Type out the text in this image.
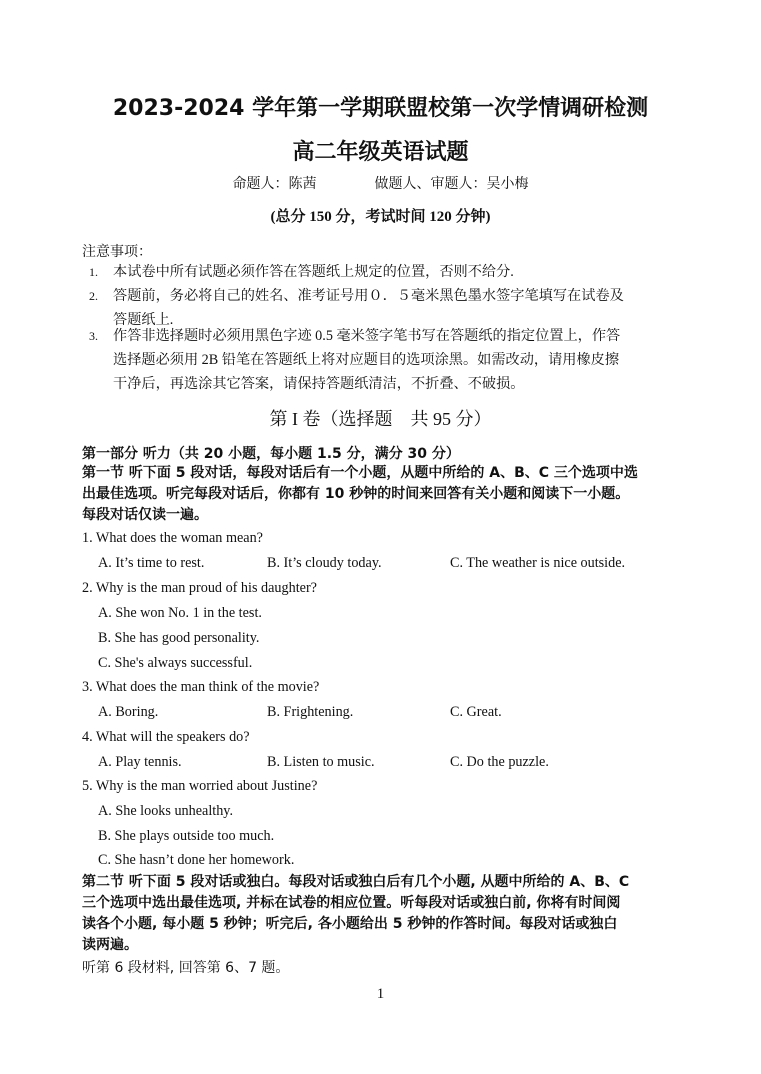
2023-2024 学年第一学期联盟校第一次学情调研检测
高二年级英语试题
命题人：陈茜	做题人、审题人：吴小梅
(总分 150 分，考试时间 120 分钟)
注意事项：
1. 本试卷中所有试题必须作答在答题纸上规定的位置，否则不给分.
2. 答题前，务必将自己的姓名、准考证号用０．５毫米黑色墨水签字笔填写在试卷及
答题纸上.
3. 作答非选择题时必须用黑色字迹 0.5 毫米签字笔书写在答题纸的指定位置上，作答
选择题必须用 2B 铅笔在答题纸上将对应题目的选项涂黑。如需改动，请用橡皮擦
干净后，再选涂其它答案，请保持答题纸清洁，不折叠、不破损。
第 I 卷（选择题　共 95 分）
第一部分 听力（共 20 小题，每小题 1.5 分，满分 30 分）
第一节 听下面 5 段对话，每段对话后有一个小题，从题中所给的 A、B、C 三个选项中选
出最佳选项。听完每段对话后，你都有 10 秒钟的时间来回答有关小题和阅读下一小题。
每段对话仅读一遍。
1. What does the woman mean?
A. It’s time to rest.	B. It’s cloudy today.	C. The weather is nice outside.
2. Why is the man proud of his daughter?
A. She won No. 1 in the test.
B. She has good personality.
C. She's always successful.
3. What does the man think of the movie?
A. Boring.	B. Frightening.	C. Great.
4. What will the speakers do?
A. Play tennis.	B. Listen to music.	C. Do the puzzle.
5. Why is the man worried about Justine?
A. She looks unhealthy.
B. She plays outside too much.
C. She hasn’t done her homework.
第二节 听下面 5 段对话或独白。每段对话或独白后有几个小题, 从题中所给的 A、B、C
三个选项中选出最佳选项, 并标在试卷的相应位置。听每段对话或独白前, 你将有时间阅
读各个小题, 每小题 5 秒钟；听完后, 各小题给出 5 秒钟的作答时间。每段对话或独白
读两遍。
听第 6 段材料, 回答第 6、7 题。
1
